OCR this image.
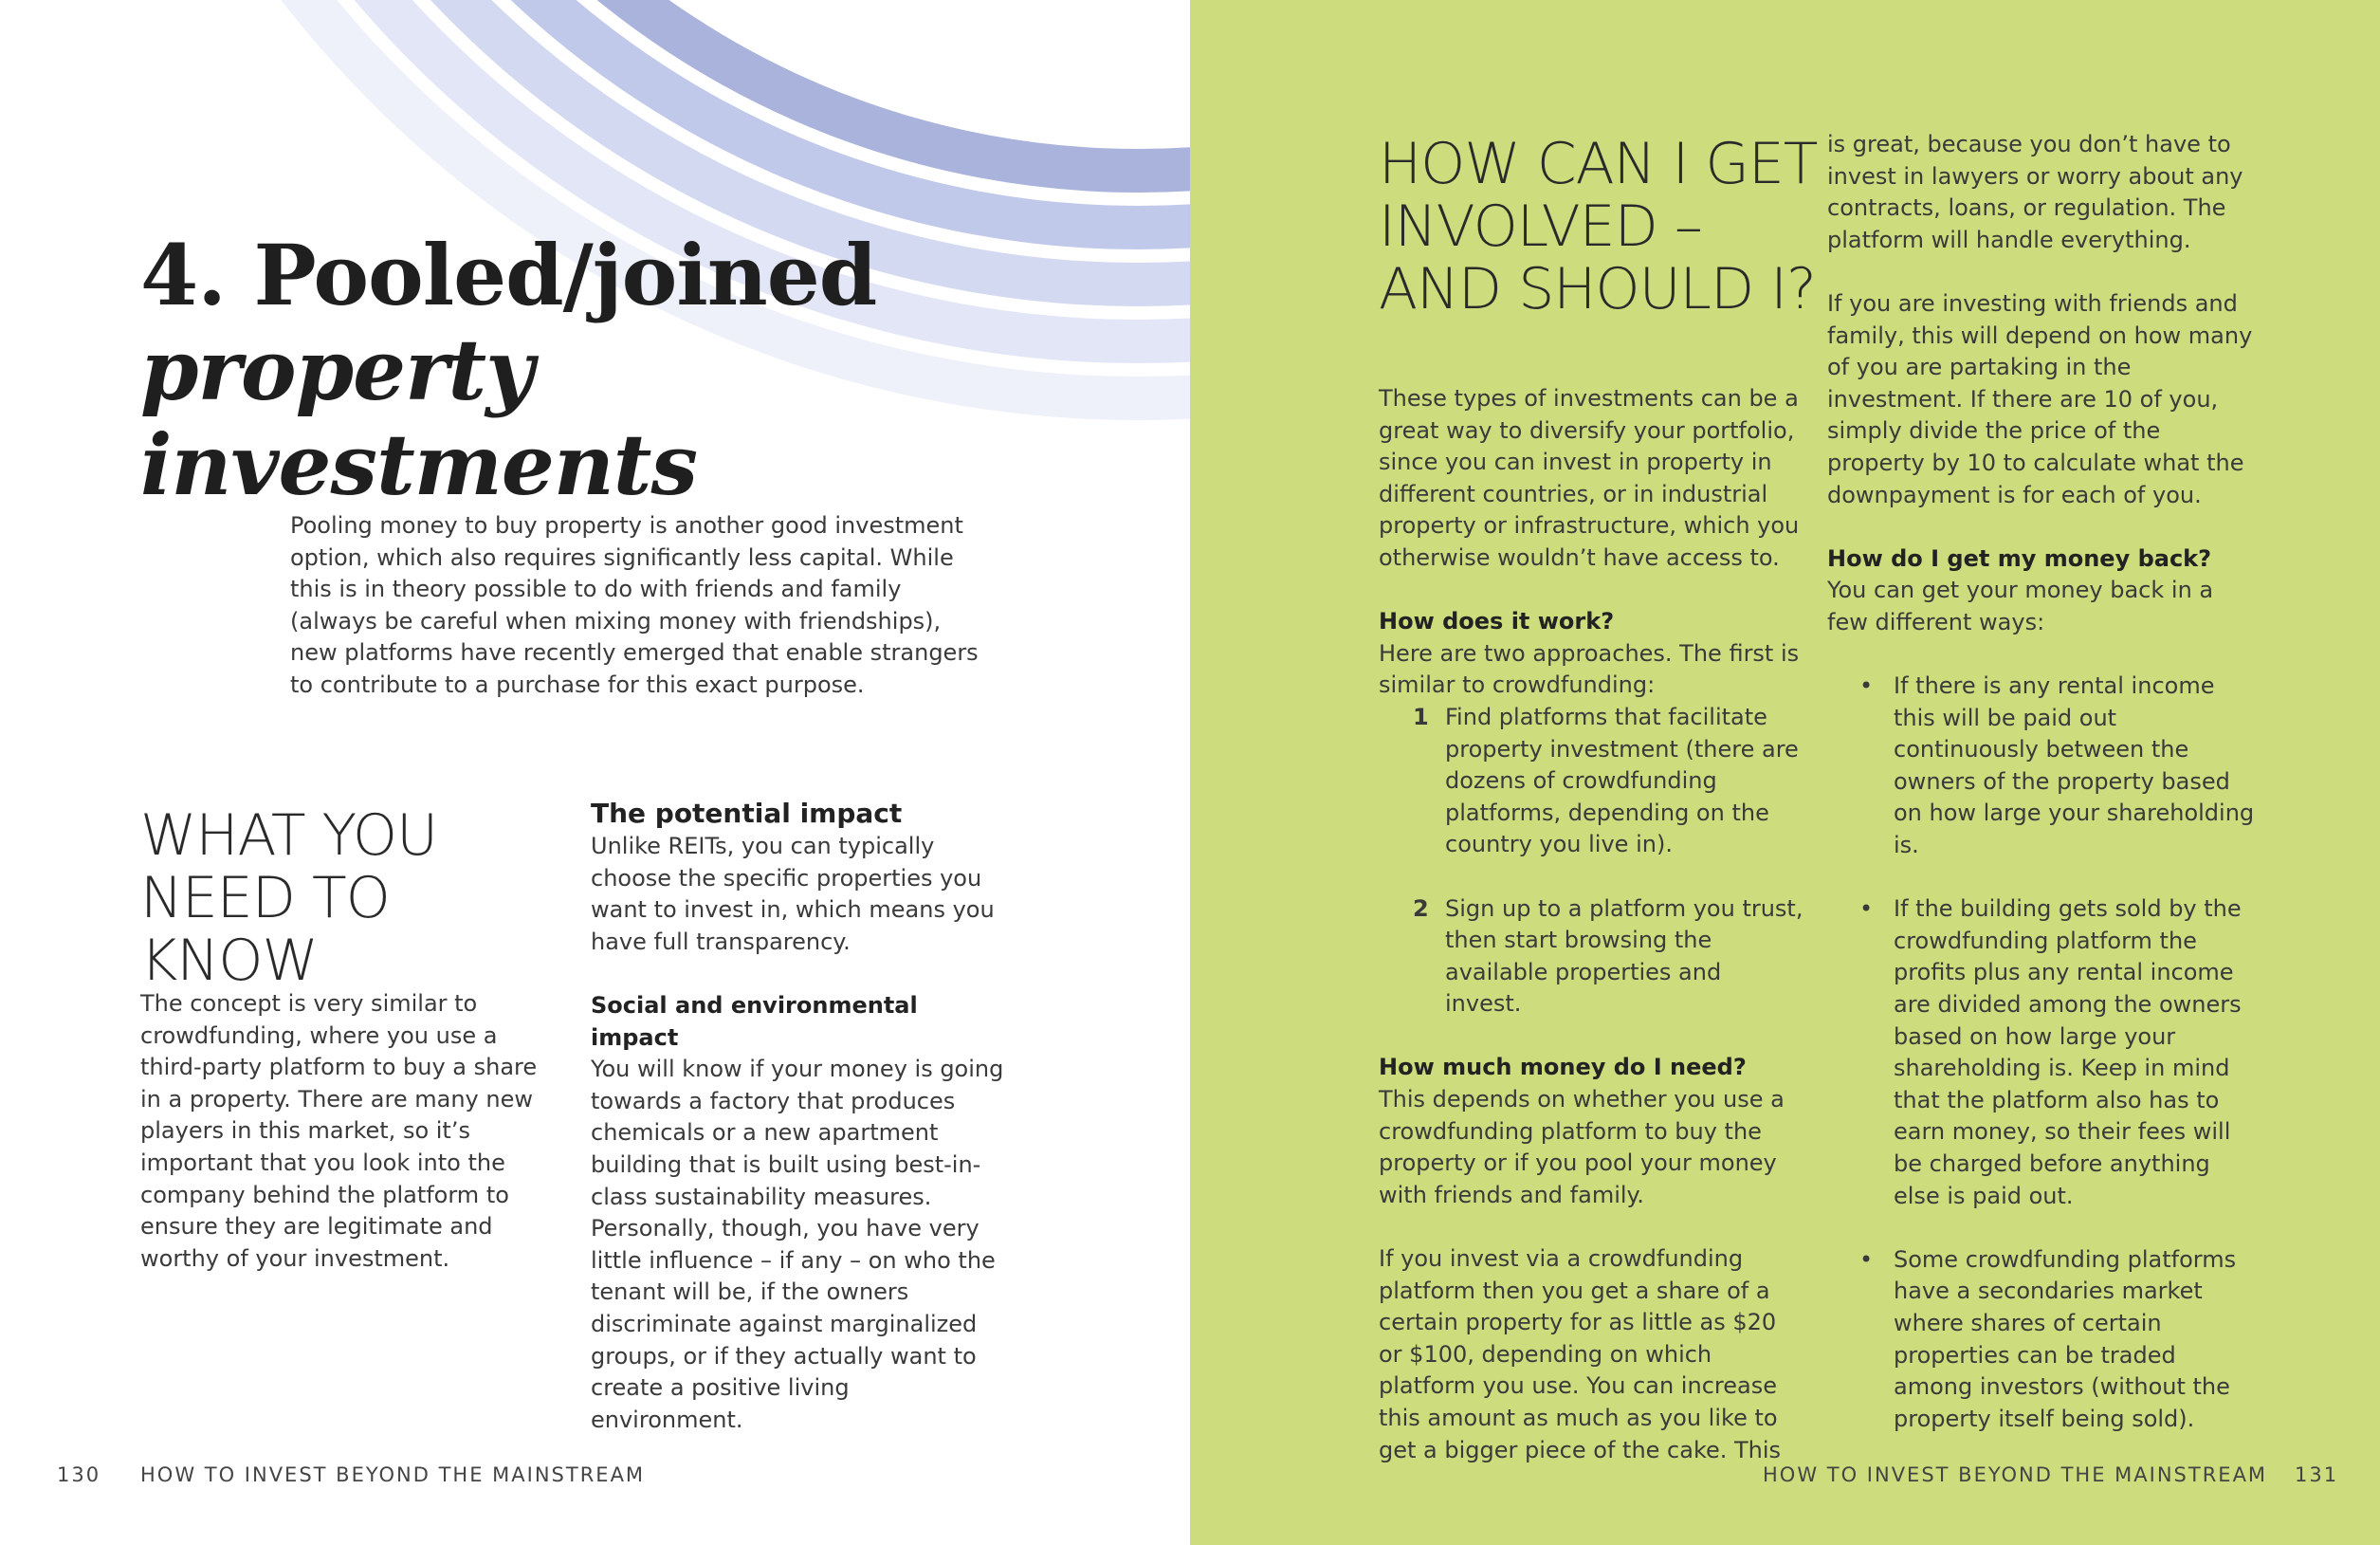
4. Pooled/joined
property investments
Pooling money to buy property is another good investment option, which also requires significantly less capital. While this is in theory possible to do with friends and family (always be careful when mixing money with friendships), new platforms have recently emerged that enable strangers to contribute to a purchase for this exact purpose.
WHAT YOU
NEED TO KNOW
The concept is very similar to crowdfunding, where you use a third-party platform to buy a share in a property. There are many new players in this market, so it’s important that you look into the company behind the platform to ensure they are legitimate and worthy of your investment.
The potential impact
Unlike REITs, you can typically choose the specific properties you want to invest in, which means you have full transparency.
Social and environmental impact
You will know if your money is going towards a factory that produces chemicals or a new apartment building that is built using best-in-class sustainability measures. Personally, though, you have very little influence – if any – on who the tenant will be, if the owners discriminate against marginalized groups, or if they actually want to create a positive living environment.
130 HOW TO INVEST BEYOND THE MAINSTREAM
HOW CAN I GET
INVOLVED –
AND SHOULD I?
These types of investments can be a great way to diversify your portfolio, since you can invest in property in different countries, or in industrial property or infrastructure, which you otherwise wouldn’t have access to.
How does it work?
Here are two approaches. The first is similar to crowdfunding:
1 Find platforms that facilitate property investment (there are dozens of crowdfunding platforms, depending on the country you live in).
2 Sign up to a platform you trust, then start browsing the available properties and invest.
How much money do I need?
This depends on whether you use a crowdfunding platform to buy the property or if you pool your money with friends and family.
If you invest via a crowdfunding platform then you get a share of a certain property for as little as $20 or $100, depending on which platform you use. You can increase this amount as much as you like to get a bigger piece of the cake. This
is great, because you don’t have to invest in lawyers or worry about any contracts, loans, or regulation. The platform will handle everything.
If you are investing with friends and family, this will depend on how many of you are partaking in the investment. If there are 10 of you, simply divide the price of the property by 10 to calculate what the downpayment is for each of you.
How do I get my money back?
You can get your money back in a few different ways:
• If there is any rental income this will be paid out continuously between the owners of the property based on how large your shareholding is.
• If the building gets sold by the crowdfunding platform the profits plus any rental income are divided among the owners based on how large your shareholding is. Keep in mind that the platform also has to earn money, so their fees will be charged before anything else is paid out.
• Some crowdfunding platforms have a secondaries market where shares of certain properties can be traded among investors (without the property itself being sold).
HOW TO INVEST BEYOND THE MAINSTREAM 131
